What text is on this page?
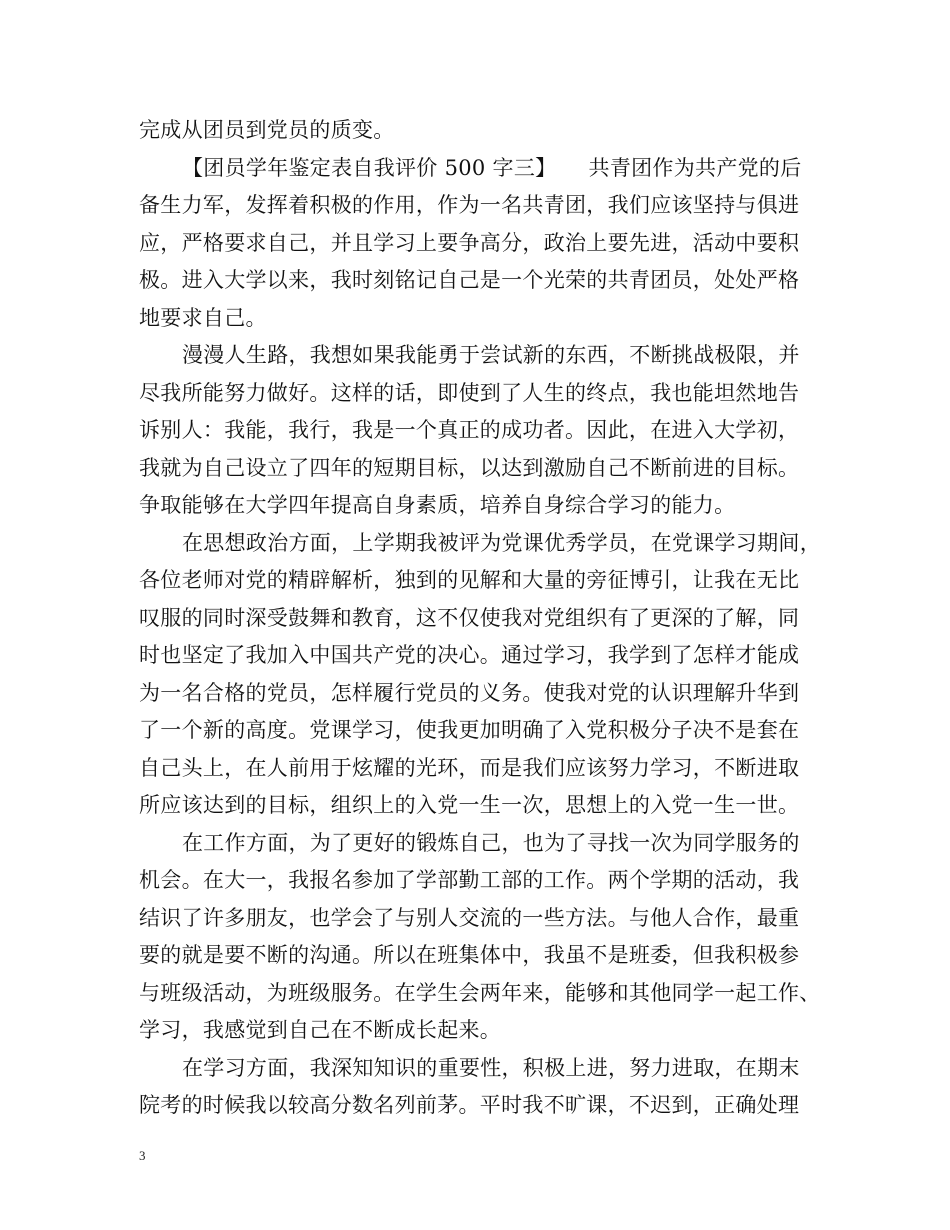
完成从团员到党员的质变。
【团员学年鉴定表自我评价 500 字三】　　共青团作为共产党的后
备生力军，发挥着积极的作用，作为一名共青团，我们应该坚持与俱进
应，严格要求自己，并且学习上要争高分，政治上要先进，活动中要积
极。进入大学以来，我时刻铭记自己是一个光荣的共青团员，处处严格
地要求自己。
漫漫人生路，我想如果我能勇于尝试新的东西，不断挑战极限，并
尽我所能努力做好。这样的话，即使到了人生的终点，我也能坦然地告
诉别人：我能，我行，我是一个真正的成功者。因此，在进入大学初，
我就为自己设立了四年的短期目标，以达到激励自己不断前进的目标。
争取能够在大学四年提高自身素质，培养自身综合学习的能力。
在思想政治方面，上学期我被评为党课优秀学员，在党课学习期间，
各位老师对党的精辟解析，独到的见解和大量的旁征博引，让我在无比
叹服的同时深受鼓舞和教育，这不仅使我对党组织有了更深的了解，同
时也坚定了我加入中国共产党的决心。通过学习，我学到了怎样才能成
为一名合格的党员，怎样履行党员的义务。使我对党的认识理解升华到
了一个新的高度。党课学习，使我更加明确了入党积极分子决不是套在
自己头上，在人前用于炫耀的光环，而是我们应该努力学习，不断进取
所应该达到的目标，组织上的入党一生一次，思想上的入党一生一世。
在工作方面，为了更好的锻炼自己，也为了寻找一次为同学服务的
机会。在大一，我报名参加了学部勤工部的工作。两个学期的活动，我
结识了许多朋友，也学会了与别人交流的一些方法。与他人合作，最重
要的就是要不断的沟通。所以在班集体中，我虽不是班委，但我积极参
与班级活动，为班级服务。在学生会两年来，能够和其他同学一起工作、
学习，我感觉到自己在不断成长起来。
在学习方面，我深知知识的重要性，积极上进，努力进取，在期末
院考的时候我以较高分数名列前茅。平时我不旷课，不迟到，正确处理
3
